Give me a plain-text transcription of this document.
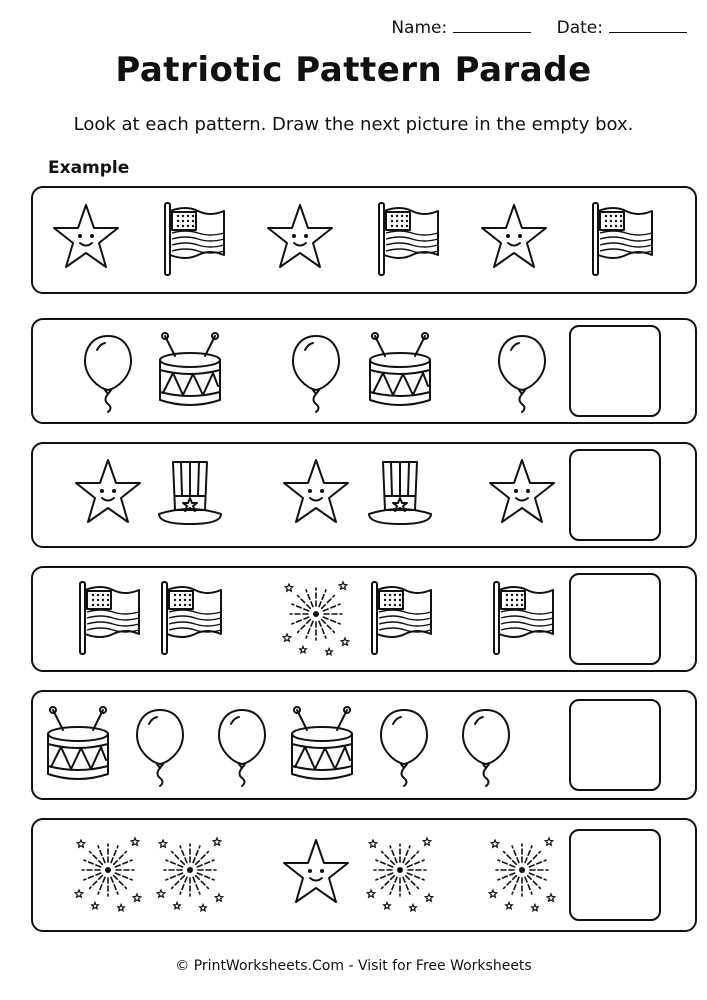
Name:	Date:
Patriotic Pattern Parade
Look at each pattern. Draw the next picture in the empty box.
Example
© PrintWorksheets.Com - Visit for Free Worksheets
